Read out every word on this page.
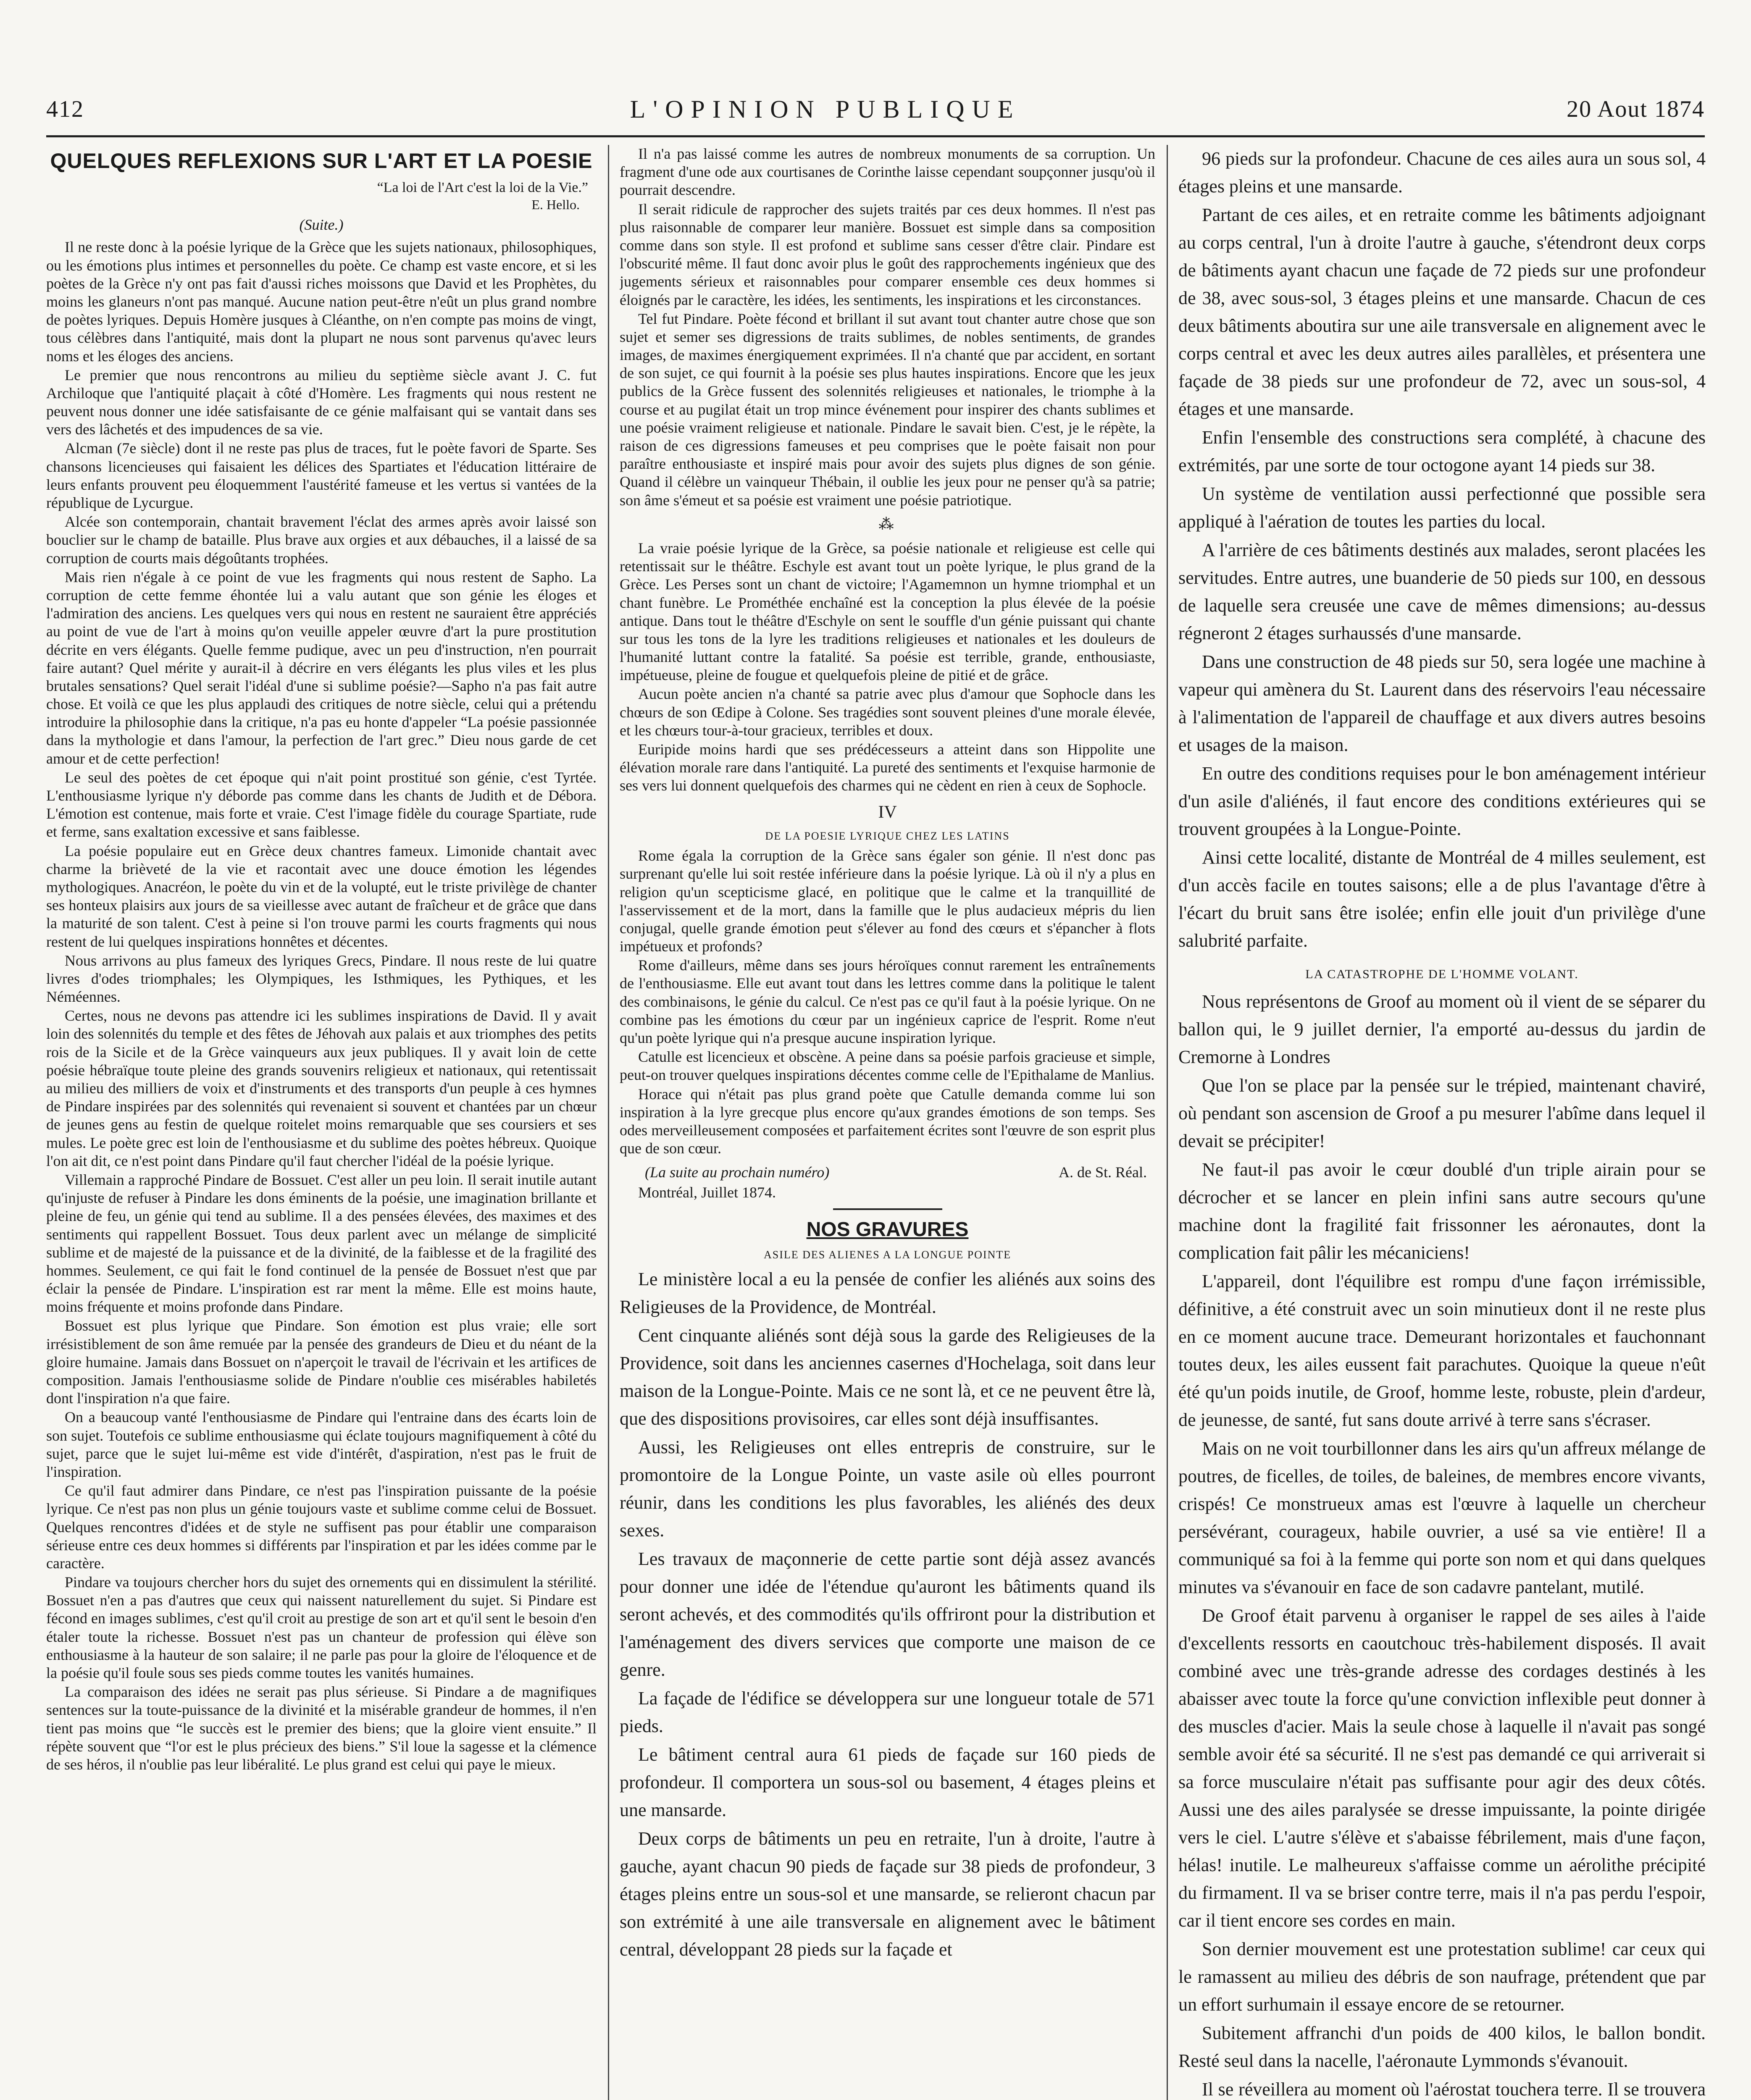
412	L'OPINION PUBLIQUE	20 Aout 1874
QUELQUES REFLEXIONS SUR L'ART ET LA POESIE
“La loi de l'Art c'est la loi de la Vie.”
E. Hello.
(Suite.)

Il ne reste donc à la poésie lyrique de la Grèce que les sujets nationaux, philosophiques, ou les émotions plus intimes et personnelles du poète. Ce champ est vaste encore, et si les poètes de la Grèce n'y ont pas fait d'aussi riches moissons que David et les Prophètes, du moins les glaneurs n'ont pas manqué. Aucune nation peut-être n'eût un plus grand nombre de poètes lyriques. Depuis Homère jusques à Cléanthe, on n'en compte pas moins de vingt, tous célèbres dans l'antiquité, mais dont la plupart ne nous sont parvenus qu'avec leurs noms et les éloges des anciens.

Le premier que nous rencontrons au milieu du septième siècle avant J. C. fut Archiloque que l'antiquité plaçait à côté d'Homère. Les fragments qui nous restent ne peuvent nous donner une idée satisfaisante de ce génie malfaisant qui se vantait dans ses vers des lâchetés et des impudences de sa vie.

Alcman (7e siècle) dont il ne reste pas plus de traces, fut le poète favori de Sparte. Ses chansons licencieuses qui faisaient les délices des Spartiates et l'éducation littéraire de leurs enfants prouvent peu éloquemment l'austérité fameuse et les vertus si vantées de la république de Lycurgue.

Alcée son contemporain, chantait bravement l'éclat des armes après avoir laissé son bouclier sur le champ de bataille. Plus brave aux orgies et aux débauches, il a laissé de sa corruption de courts mais dégoûtants trophées.

Mais rien n'égale à ce point de vue les fragments qui nous restent de Sapho. La corruption de cette femme éhontée lui a valu autant que son génie les éloges et l'admiration des anciens. Les quelques vers qui nous en restent ne sauraient être appréciés au point de vue de l'art à moins qu'on veuille appeler œuvre d'art la pure prostitution décrite en vers élégants. Quelle femme pudique, avec un peu d'instruction, n'en pourrait faire autant? Quel mérite y aurait-il à décrire en vers élégants les plus viles et les plus brutales sensations? Quel serait l'idéal d'une si sublime poésie?—Sapho n'a pas fait autre chose. Et voilà ce que les plus applaudi des critiques de notre siècle, celui qui a prétendu introduire la philosophie dans la critique, n'a pas eu honte d'appeler “La poésie passionnée dans la mythologie et dans l'amour, la perfection de l'art grec.” Dieu nous garde de cet amour et de cette perfection!

Le seul des poètes de cet époque qui n'ait point prostitué son génie, c'est Tyrtée. L'enthousiasme lyrique n'y déborde pas comme dans les chants de Judith et de Débora. L'émotion est contenue, mais forte et vraie. C'est l'image fidèle du courage Spartiate, rude et ferme, sans exaltation excessive et sans faiblesse.

La poésie populaire eut en Grèce deux chantres fameux. Limonide chantait avec charme la brièveté de la vie et racontait avec une douce émotion les légendes mythologiques. Anacréon, le poète du vin et de la volupté, eut le triste privilège de chanter ses honteux plaisirs aux jours de sa vieillesse avec autant de fraîcheur et de grâce que dans la maturité de son talent. C'est à peine si l'on trouve parmi les courts fragments qui nous restent de lui quelques inspirations honnêtes et décentes.

Nous arrivons au plus fameux des lyriques Grecs, Pindare. Il nous reste de lui quatre livres d'odes triomphales; les Olympiques, les Isthmiques, les Pythiques, et les Néméennes.

Certes, nous ne devons pas attendre ici les sublimes inspirations de David. Il y avait loin des solennités du temple et des fêtes de Jéhovah aux palais et aux triomphes des petits rois de la Sicile et de la Grèce vainqueurs aux jeux publiques. Il y avait loin de cette poésie hébraïque toute pleine des grands souvenirs religieux et nationaux, qui retentissait au milieu des milliers de voix et d'instruments et des transports d'un peuple à ces hymnes de Pindare inspirées par des solennités qui revenaient si souvent et chantées par un chœur de jeunes gens au festin de quelque roitelet moins remarquable que ses coursiers et ses mules. Le poète grec est loin de l'enthousiasme et du sublime des poètes hébreux. Quoique l'on ait dit, ce n'est point dans Pindare qu'il faut chercher l'idéal de la poésie lyrique.

Villemain a rapproché Pindare de Bossuet. C'est aller un peu loin. Il serait inutile autant qu'injuste de refuser à Pindare les dons éminents de la poésie, une imagination brillante et pleine de feu, un génie qui tend au sublime. Il a des pensées élevées, des maximes et des sentiments qui rappellent Bossuet. Tous deux parlent avec un mélange de simplicité sublime et de majesté de la puissance et de la divinité, de la faiblesse et de la fragilité des hommes. Seulement, ce qui fait le fond continuel de la pensée de Bossuet n'est que par éclair la pensée de Pindare. L'inspiration est rar ment la même. Elle est moins haute, moins fréquente et moins profonde dans Pindare.

Bossuet est plus lyrique que Pindare. Son émotion est plus vraie; elle sort irrésistiblement de son âme remuée par la pensée des grandeurs de Dieu et du néant de la gloire humaine. Jamais dans Bossuet on n'aperçoit le travail de l'écrivain et les artifices de composition. Jamais l'enthousiasme solide de Pindare n'oublie ces misérables habiletés dont l'inspiration n'a que faire.

On a beaucoup vanté l'enthousiasme de Pindare qui l'entraine dans des écarts loin de son sujet. Toutefois ce sublime enthousiasme qui éclate toujours magnifiquement à côté du sujet, parce que le sujet lui-même est vide d'intérêt, d'aspiration, n'est pas le fruit de l'inspiration.

Ce qu'il faut admirer dans Pindare, ce n'est pas l'inspiration puissante de la poésie lyrique. Ce n'est pas non plus un génie toujours vaste et sublime comme celui de Bossuet. Quelques rencontres d'idées et de style ne suffisent pas pour établir une comparaison sérieuse entre ces deux hommes si différents par l'inspiration et par les idées comme par le caractère.

Pindare va toujours chercher hors du sujet des ornements qui en dissimulent la stérilité. Bossuet n'en a pas d'autres que ceux qui naissent naturellement du sujet. Si Pindare est fécond en images sublimes, c'est qu'il croit au prestige de son art et qu'il sent le besoin d'en étaler toute la richesse. Bossuet n'est pas un chanteur de profession qui élève son enthousiasme à la hauteur de son salaire; il ne parle pas pour la gloire de l'éloquence et de la poésie qu'il foule sous ses pieds comme toutes les vanités humaines.

La comparaison des idées ne serait pas plus sérieuse. Si Pindare a de magnifiques sentences sur la toute-puissance de la divinité et la misérable grandeur de hommes, il n'en tient pas moins que “le succès est le premier des biens; que la gloire vient ensuite.” Il répète souvent que “l'or est le plus précieux des biens.” S'il loue la sagesse et la clémence de ses héros, il n'oublie pas leur libéralité. Le plus grand est celui qui paye le mieux.

Il n'a pas laissé comme les autres de nombreux monuments de sa corruption. Un fragment d'une ode aux courtisanes de Corinthe laisse cependant soupçonner jusqu'où il pourrait descendre.

Il serait ridicule de rapprocher des sujets traités par ces deux hommes. Il n'est pas plus raisonnable de comparer leur manière. Bossuet est simple dans sa composition comme dans son style. Il est profond et sublime sans cesser d'être clair. Pindare est l'obscurité même. Il faut donc avoir plus le goût des rapprochements ingénieux que des jugements sérieux et raisonnables pour comparer ensemble ces deux hommes si éloignés par le caractère, les idées, les sentiments, les inspirations et les circonstances.

Tel fut Pindare. Poète fécond et brillant il sut avant tout chanter autre chose que son sujet et semer ses digressions de traits sublimes, de nobles sentiments, de grandes images, de maximes énergiquement exprimées. Il n'a chanté que par accident, en sortant de son sujet, ce qui fournit à la poésie ses plus hautes inspirations. Encore que les jeux publics de la Grèce fussent des solennités religieuses et nationales, le triomphe à la course et au pugilat était un trop mince événement pour inspirer des chants sublimes et une poésie vraiment religieuse et nationale. Pindare le savait bien. C'est, je le répète, la raison de ces digressions fameuses et peu comprises que le poète faisait non pour paraître enthousiaste et inspiré mais pour avoir des sujets plus dignes de son génie. Quand il célèbre un vainqueur Thébain, il oublie les jeux pour ne penser qu'à sa patrie; son âme s'émeut et sa poésie est vraiment une poésie patriotique.

⁂

La vraie poésie lyrique de la Grèce, sa poésie nationale et religieuse est celle qui retentissait sur le théâtre. Eschyle est avant tout un poète lyrique, le plus grand de la Grèce. Les Perses sont un chant de victoire; l'Agamemnon un hymne triomphal et un chant funèbre. Le Prométhée enchaîné est la conception la plus élevée de la poésie antique. Dans tout le théâtre d'Eschyle on sent le souffle d'un génie puissant qui chante sur tous les tons de la lyre les traditions religieuses et nationales et les douleurs de l'humanité luttant contre la fatalité. Sa poésie est terrible, grande, enthousiaste, impétueuse, pleine de fougue et quelquefois pleine de pitié et de grâce.

Aucun poète ancien n'a chanté sa patrie avec plus d'amour que Sophocle dans les chœurs de son Œdipe à Colone. Ses tragédies sont souvent pleines d'une morale élevée, et les chœurs tour-à-tour gracieux, terribles et doux.

Euripide moins hardi que ses prédécesseurs a atteint dans son Hippolite une élévation morale rare dans l'antiquité. La pureté des sentiments et l'exquise harmonie de ses vers lui donnent quelquefois des charmes qui ne cèdent en rien à ceux de Sophocle.

IV
DE LA POESIE LYRIQUE CHEZ LES LATINS

Rome égala la corruption de la Grèce sans égaler son génie. Il n'est donc pas surprenant qu'elle lui soit restée inférieure dans la poésie lyrique. Là où il n'y a plus en religion qu'un scepticisme glacé, en politique que le calme et la tranquillité de l'asservissement et de la mort, dans la famille que le plus audacieux mépris du lien conjugal, quelle grande émotion peut s'élever au fond des cœurs et s'épancher à flots impétueux et profonds?

Rome d'ailleurs, même dans ses jours héroïques connut rarement les entraînements de l'enthousiasme. Elle eut avant tout dans les lettres comme dans la politique le talent des combinaisons, le génie du calcul. Ce n'est pas ce qu'il faut à la poésie lyrique. On ne combine pas les émotions du cœur par un ingénieux caprice de l'esprit. Rome n'eut qu'un poète lyrique qui n'a presque aucune inspiration lyrique.

Catulle est licencieux et obscène. A peine dans sa poésie parfois gracieuse et simple, peut-on trouver quelques inspirations décentes comme celle de l'Epithalame de Manlius.

Horace qui n'était pas plus grand poète que Catulle demanda comme lui son inspiration à la lyre grecque plus encore qu'aux grandes émotions de son temps. Ses odes merveilleusement composées et parfaitement écrites sont l'œuvre de son esprit plus que de son cœur.

(La suite au prochain numéro)	A. de St. Réal.
Montréal, Juillet 1874.
NOS GRAVURES
ASILE DES ALIENES A LA LONGUE POINTE

Le ministère local a eu la pensée de confier les aliénés aux soins des Religieuses de la Providence, de Montréal.

Cent cinquante aliénés sont déjà sous la garde des Religieuses de la Providence, soit dans les anciennes casernes d'Hochelaga, soit dans leur maison de la Longue-Pointe. Mais ce ne sont là, et ce ne peuvent être là, que des dispositions provisoires, car elles sont déjà insuffisantes.

Aussi, les Religieuses ont elles entrepris de construire, sur le promontoire de la Longue Pointe, un vaste asile où elles pourront réunir, dans les conditions les plus favorables, les aliénés des deux sexes.

Les travaux de maçonnerie de cette partie sont déjà assez avancés pour donner une idée de l'étendue qu'auront les bâtiments quand ils seront achevés, et des commodités qu'ils offriront pour la distribution et l'aménagement des divers services que comporte une maison de ce genre.

La façade de l'édifice se développera sur une longueur totale de 571 pieds.

Le bâtiment central aura 61 pieds de façade sur 160 pieds de profondeur. Il comportera un sous-sol ou basement, 4 étages pleins et une mansarde.

Deux corps de bâtiments un peu en retraite, l'un à droite, l'autre à gauche, ayant chacun 90 pieds de façade sur 38 pieds de profondeur, 3 étages pleins entre un sous-sol et une mansarde, se relieront chacun par son extrémité à une aile transversale en alignement avec le bâtiment central, développant 28 pieds sur la façade et

96 pieds sur la profondeur. Chacune de ces ailes aura un sous sol, 4 étages pleins et une mansarde.

Partant de ces ailes, et en retraite comme les bâtiments adjoignant au corps central, l'un à droite l'autre à gauche, s'étendront deux corps de bâtiments ayant chacun une façade de 72 pieds sur une profondeur de 38, avec sous-sol, 3 étages pleins et une mansarde. Chacun de ces deux bâtiments aboutira sur une aile transversale en alignement avec le corps central et avec les deux autres ailes parallèles, et présentera une façade de 38 pieds sur une profondeur de 72, avec un sous-sol, 4 étages et une mansarde.

Enfin l'ensemble des constructions sera complété, à chacune des extrémités, par une sorte de tour octogone ayant 14 pieds sur 38.

Un système de ventilation aussi perfectionné que possible sera appliqué à l'aération de toutes les parties du local.

A l'arrière de ces bâtiments destinés aux malades, seront placées les servitudes. Entre autres, une buanderie de 50 pieds sur 100, en dessous de laquelle sera creusée une cave de mêmes dimensions; au-dessus régneront 2 étages surhaussés d'une mansarde.

Dans une construction de 48 pieds sur 50, sera logée une machine à vapeur qui amènera du St. Laurent dans des réservoirs l'eau nécessaire à l'alimentation de l'appareil de chauffage et aux divers autres besoins et usages de la maison.

En outre des conditions requises pour le bon aménagement intérieur d'un asile d'aliénés, il faut encore des conditions extérieures qui se trouvent groupées à la Longue-Pointe.

Ainsi cette localité, distante de Montréal de 4 milles seulement, est d'un accès facile en toutes saisons; elle a de plus l'avantage d'être à l'écart du bruit sans être isolée; enfin elle jouit d'un privilège d'une salubrité parfaite.

LA CATASTROPHE DE L'HOMME VOLANT.

Nous représentons de Groof au moment où il vient de se séparer du ballon qui, le 9 juillet dernier, l'a emporté au-dessus du jardin de Cremorne à Londres

Que l'on se place par la pensée sur le trépied, maintenant chaviré, où pendant son ascension de Groof a pu mesurer l'abîme dans lequel il devait se précipiter!

Ne faut-il pas avoir le cœur doublé d'un triple airain pour se décrocher et se lancer en plein infini sans autre secours qu'une machine dont la fragilité fait frissonner les aéronautes, dont la complication fait pâlir les mécaniciens!

L'appareil, dont l'équilibre est rompu d'une façon irrémissible, définitive, a été construit avec un soin minutieux dont il ne reste plus en ce moment aucune trace. Demeurant horizontales et fauchonnant toutes deux, les ailes eussent fait parachutes. Quoique la queue n'eût été qu'un poids inutile, de Groof, homme leste, robuste, plein d'ardeur, de jeunesse, de santé, fut sans doute arrivé à terre sans s'écraser.

Mais on ne voit tourbillonner dans les airs qu'un affreux mélange de poutres, de ficelles, de toiles, de baleines, de membres encore vivants, crispés! Ce monstrueux amas est l'œuvre à laquelle un chercheur persévérant, courageux, habile ouvrier, a usé sa vie entière! Il a communiqué sa foi à la femme qui porte son nom et qui dans quelques minutes va s'évanouir en face de son cadavre pantelant, mutilé.

De Groof était parvenu à organiser le rappel de ses ailes à l'aide d'excellents ressorts en caoutchouc très-habilement disposés. Il avait combiné avec une très-grande adresse des cordages destinés à les abaisser avec toute la force qu'une conviction inflexible peut donner à des muscles d'acier. Mais la seule chose à laquelle il n'avait pas songé semble avoir été sa sécurité. Il ne s'est pas demandé ce qui arriverait si sa force musculaire n'était pas suffisante pour agir des deux côtés. Aussi une des ailes paralysée se dresse impuissante, la pointe dirigée vers le ciel. L'autre s'élève et s'abaisse fébrilement, mais d'une façon, hélas! inutile. Le malheureux s'affaisse comme un aérolithe précipité du firmament. Il va se briser contre terre, mais il n'a pas perdu l'espoir, car il tient encore ses cordes en main.

Son dernier mouvement est une protestation sublime! car ceux qui le ramassent au milieu des débris de son naufrage, prétendent que par un effort surhumain il essaye encore de se retourner.

Subitement affranchi d'un poids de 400 kilos, le ballon bondit. Resté seul dans la nacelle, l'aéronaute Lymmonds s'évanouit.

Il se réveillera au moment où l'aérostat touchera terre. Il se trouvera
